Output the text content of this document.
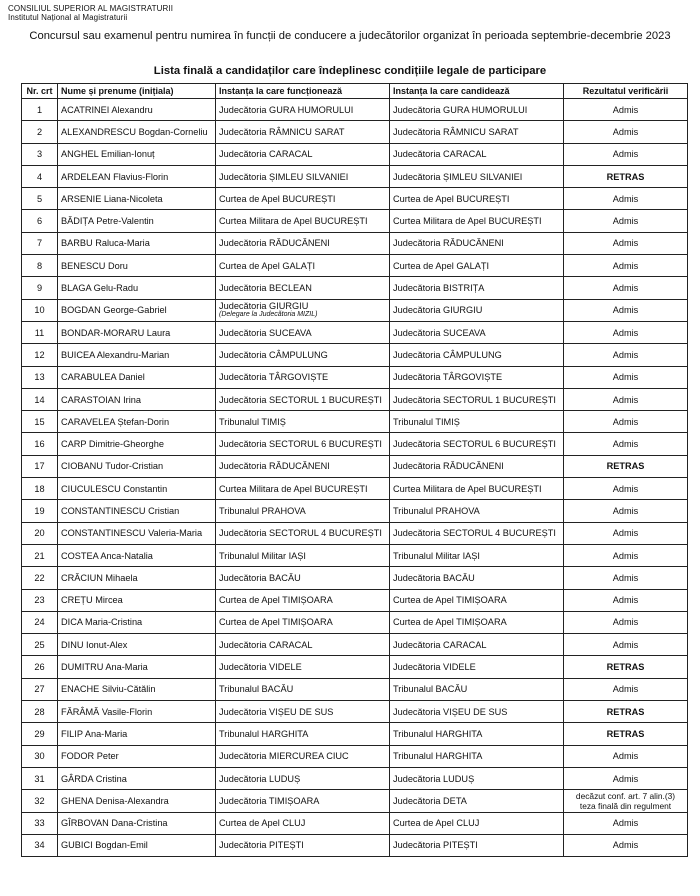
CONSILIUL SUPERIOR AL MAGISTRATURII
Institutul Național al Magistraturii
Concursul sau examenul pentru numirea în funcții de conducere a judecătorilor organizat în perioada septembrie-decembrie 2023
Lista finală a candidaților care îndeplinesc condițiile legale de participare
Nr. crt	Nume și prenume (inițiala)	Instanța la care funcționează	Instanța la care candidează	Rezultatul verificării
1	ACATRINEI Alexandru	Judecătoria GURA HUMORULUI	Judecătoria GURA HUMORULUI	Admis
2	ALEXANDRESCU Bogdan-Corneliu	Judecătoria RÂMNICU SARAT	Judecătoria RÂMNICU SARAT	Admis
3	ANGHEL Emilian-Ionuț	Judecătoria CARACAL	Judecătoria CARACAL	Admis
4	ARDELEAN Flavius-Florin	Judecătoria ȘIMLEU SILVANIEI	Judecătoria ȘIMLEU SILVANIEI	RETRAS
5	ARSENIE Liana-Nicoleta	Curtea de Apel BUCUREȘTI	Curtea de Apel BUCUREȘTI	Admis
6	BĂDIȚA Petre-Valentin	Curtea Militara de Apel BUCUREȘTI	Curtea Militara de Apel BUCUREȘTI	Admis
7	BARBU Raluca-Maria	Judecătoria RĂDUCĂNENI	Judecătoria RĂDUCĂNENI	Admis
8	BENESCU Doru	Curtea de Apel GALAȚI	Curtea de Apel GALAȚI	Admis
9	BLAGA Gelu-Radu	Judecătoria BECLEAN	Judecătoria BISTRIȚA	Admis
10	BOGDAN George-Gabriel	Judecătoria GIURGIU
(Delegare la Judecătoria MIZIL)	Judecătoria GIURGIU	Admis
11	BONDAR-MORARU Laura	Judecătoria SUCEAVA	Judecătoria SUCEAVA	Admis
12	BUICEA Alexandru-Marian	Judecătoria CÂMPULUNG	Judecătoria CÂMPULUNG	Admis
13	CARABULEA Daniel	Judecătoria TÂRGOVIȘTE	Judecătoria TÂRGOVIȘTE	Admis
14	CARASTOIAN Irina	Judecătoria SECTORUL 1 BUCUREȘTI	Judecătoria SECTORUL 1 BUCUREȘTI	Admis
15	CARAVELEA Ștefan-Dorin	Tribunalul TIMIȘ	Tribunalul TIMIȘ	Admis
16	CARP Dimitrie-Gheorghe	Judecătoria SECTORUL 6 BUCUREȘTI	Judecătoria SECTORUL 6 BUCUREȘTI	Admis
17	CIOBANU Tudor-Cristian	Judecătoria RĂDUCĂNENI	Judecătoria RĂDUCĂNENI	RETRAS
18	CIUCULESCU Constantin	Curtea Militara de Apel BUCUREȘTI	Curtea Militara de Apel BUCUREȘTI	Admis
19	CONSTANTINESCU Cristian	Tribunalul PRAHOVA	Tribunalul PRAHOVA	Admis
20	CONSTANTINESCU Valeria-Maria	Judecătoria SECTORUL 4 BUCUREȘTI	Judecătoria SECTORUL 4 BUCUREȘTI	Admis
21	COSTEA Anca-Natalia	Tribunalul Militar IAȘI	Tribunalul Militar IAȘI	Admis
22	CRĂCIUN Mihaela	Judecătoria BACĂU	Judecătoria BACĂU	Admis
23	CREȚU Mircea	Curtea de Apel TIMIȘOARA	Curtea de Apel TIMIȘOARA	Admis
24	DICA Maria-Cristina	Curtea de Apel TIMIȘOARA	Curtea de Apel TIMIȘOARA	Admis
25	DINU Ionut-Alex	Judecătoria CARACAL	Judecătoria CARACAL	Admis
26	DUMITRU Ana-Maria	Judecătoria VIDELE	Judecătoria VIDELE	RETRAS
27	ENACHE Silviu-Cătălin	Tribunalul BACĂU	Tribunalul BACĂU	Admis
28	FĂRÂMĂ Vasile-Florin	Judecătoria VIȘEU DE SUS	Judecătoria VIȘEU DE SUS	RETRAS
29	FILIP Ana-Maria	Tribunalul HARGHITA	Tribunalul HARGHITA	RETRAS
30	FODOR Peter	Judecătoria MIERCUREA CIUC	Tribunalul HARGHITA	Admis
31	GÂRDA Cristina	Judecătoria LUDUȘ	Judecătoria LUDUȘ	Admis
32	GHENA Denisa-Alexandra	Judecătoria TIMIȘOARA	Judecătoria DETA	decăzut conf. art. 7 alin.(3) teza finală din regulment
33	GÎRBOVAN Dana-Cristina	Curtea de Apel CLUJ	Curtea de Apel CLUJ	Admis
34	GUBICI Bogdan-Emil	Judecătoria PITEȘTI	Judecătoria PITEȘTI	Admis
